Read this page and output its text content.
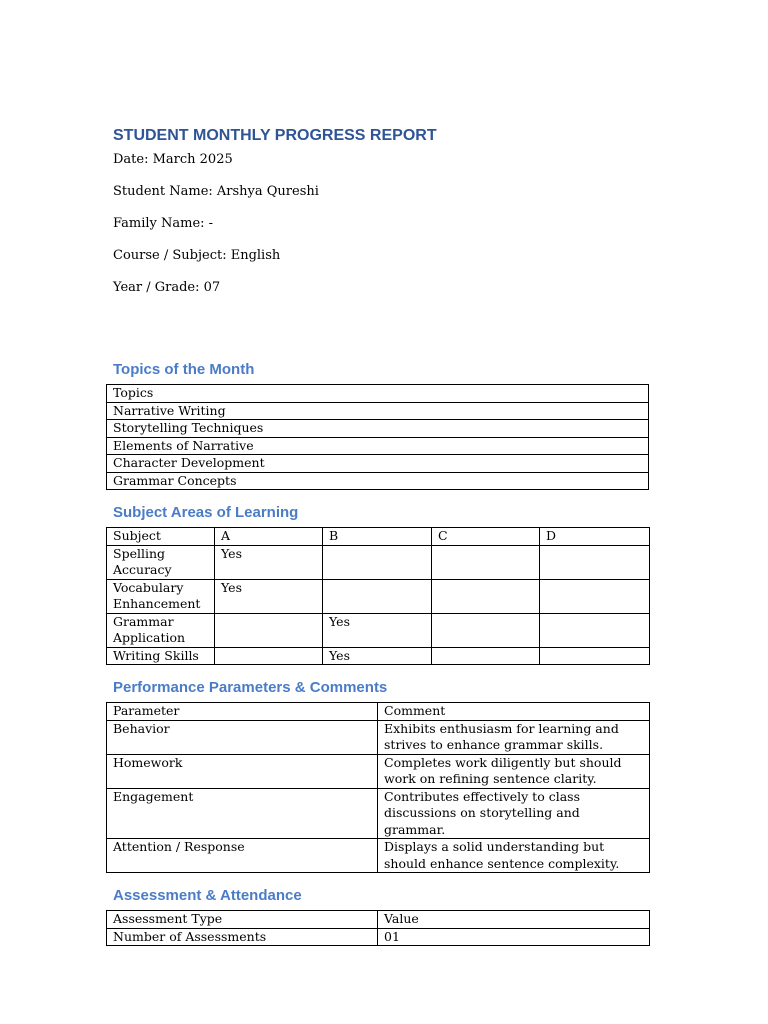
STUDENT MONTHLY PROGRESS REPORT

Date: March 2025

Student Name: Arshya Qureshi

Family Name: -

Course / Subject: English

Year / Grade: 07

Topics of the Month
Topics
Narrative Writing
Storytelling Techniques
Elements of Narrative
Character Development
Grammar Concepts
Subject Areas of Learning
Subject	A	B	C	D
Spelling Accuracy	Yes			
Vocabulary Enhancement	Yes			
Grammar Application		Yes		
Writing Skills		Yes		
Performance Parameters & Comments
Parameter	Comment
Behavior	Exhibits enthusiasm for learning and strives to enhance grammar skills.
Homework	Completes work diligently but should work on refining sentence clarity.
Engagement	Contributes effectively to class discussions on storytelling and grammar.
Attention / Response	Displays a solid understanding but should enhance sentence complexity.
Assessment & Attendance
Assessment Type	Value
Number of Assessments	01
